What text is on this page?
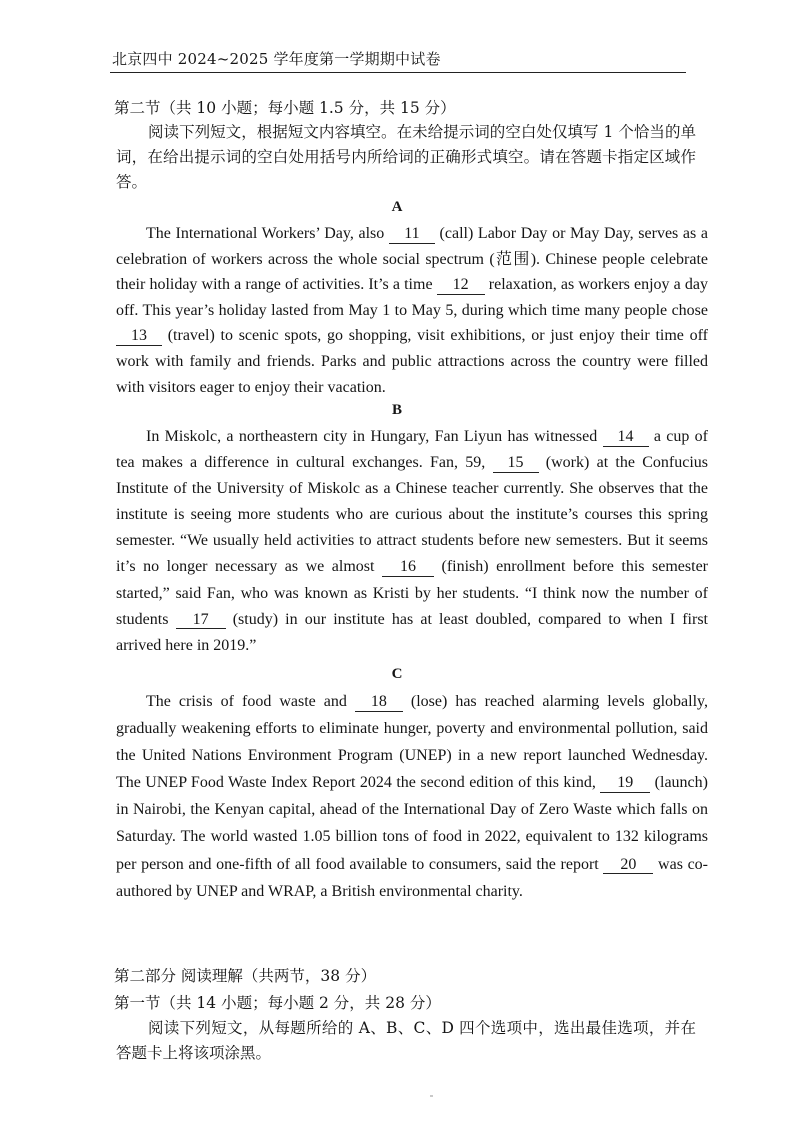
北京四中 2024~2025 学年度第一学期期中试卷
第二节（共 10 小题；每小题 1.5 分，共 15 分）

阅读下列短文，根据短文内容填空。在未给提示词的空白处仅填写 1 个恰当的单词，在给出提示词的空白处用括号内所给词的正确形式填空。请在答题卡指定区域作答。

A

The International Workers’ Day, also 11 (call) Labor Day or May Day, serves as a celebration of workers across the whole social spectrum (范围). Chinese people celebrate their holiday with a range of activities. It’s a time 12 relaxation, as workers enjoy a day off. This year’s holiday lasted from May 1 to May 5, during which time many people chose 13 (travel) to scenic spots, go shopping, visit exhibitions, or just enjoy their time off work with family and friends. Parks and public attractions across the country were filled with visitors eager to enjoy their vacation.

B

In Miskolc, a northeastern city in Hungary, Fan Liyun has witnessed 14 a cup of tea makes a difference in cultural exchanges. Fan, 59, 15 (work) at the Confucius Institute of the University of Miskolc as a Chinese teacher currently. She observes that the institute is seeing more students who are curious about the institute’s courses this spring semester. “We usually held activities to attract students before new semesters. But it seems it’s no longer necessary as we almost 16 (finish) enrollment before this semester started,” said Fan, who was known as Kristi by her students. “I think now the number of students 17 (study) in our institute has at least doubled, compared to when I first arrived here in 2019.”

C

The crisis of food waste and 18 (lose) has reached alarming levels globally, gradually weakening efforts to eliminate hunger, poverty and environmental pollution, said the United Nations Environment Program (UNEP) in a new report launched Wednesday. The UNEP Food Waste Index Report 2024 the second edition of this kind, 19 (launch) in Nairobi, the Kenyan capital, ahead of the International Day of Zero Waste which falls on Saturday. The world wasted 1.05 billion tons of food in 2022, equivalent to 132 kilograms per person and one-fifth of all food available to consumers, said the report 20 was co-authored by UNEP and WRAP, a British environmental charity.

第二部分 阅读理解（共两节，38 分）
第一节（共 14 小题；每小题 2 分，共 28 分）

阅读下列短文，从每题所给的 A、B、C、D 四个选项中，选出最佳选项，并在答题卡上将该项涂黑。
